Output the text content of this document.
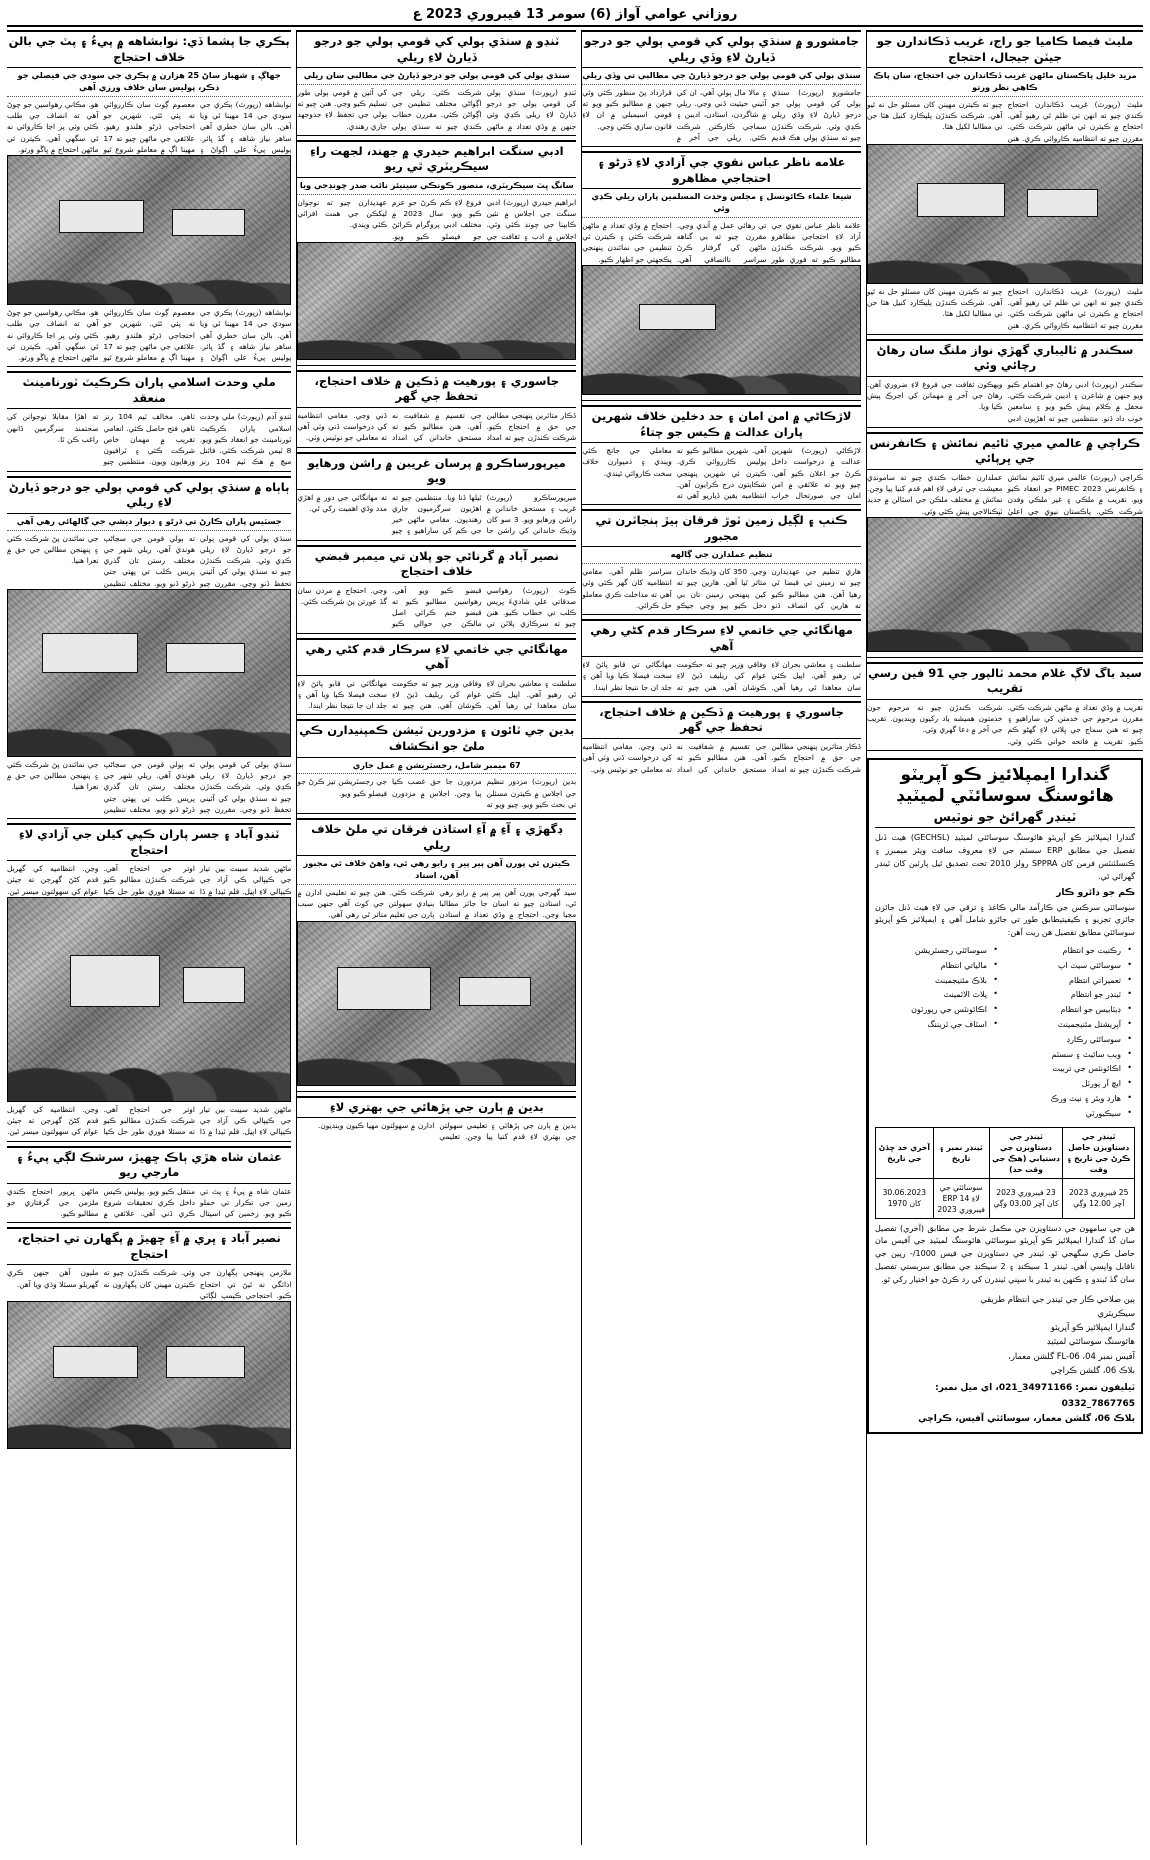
روزاني عوامي آواز (6) سومر 13 فيبروري 2023 ع
ٻڪري جا پشما ڏي: نوابشاهه ۾ پيءُ ۽ پٽ جي بالن خلاف احتجاج
جهاڳ ۽ شهباز ساڻ 25 هزارن ۾ ٻڪري جي سودي جي فيصلي جو ذڪر، پوليس سان خلاف ورزي آهي
نوابشاهه (رپورٽ) ٻڪري جي سودي جي 14 مهينا ٿي ويا آهن. بالن سان خطري آهي ساهر نياز شاهه ۽ گڏ ڀائر. پوليس پيءُ علي اڳواڻ ۽ معصوم ڳوٺ سان ڪارروائي نه پئي ٿئي. شهرين جو احتجاجي ڌرڻو هلندو رهيو. علائقي جي ماڻهن چيو ته 17 مهينا اڳ ۾ معاملو شروع ٿيو هو. مڪاني رهواسين جو چوڻ آهي ته انصاف جي طلب ڪئي وئي پر اڃا ڪاروائي نه ٿي سگهي آهي. ڪيترن ئي ماڻهن احتجاج ۾ ڀاڱو ورتو.
نوابشاهه (رپورٽ) ٻڪري جي سودي جي 14 مهينا ٿي ويا آهن. بالن سان خطري آهي ساهر نياز شاهه ۽ گڏ ڀائر. پوليس پيءُ علي اڳواڻ ۽ معصوم ڳوٺ سان ڪارروائي نه پئي ٿئي. شهرين جو احتجاجي ڌرڻو هلندو رهيو. علائقي جي ماڻهن چيو ته 17 مهينا اڳ ۾ معاملو شروع ٿيو هو. مڪاني رهواسين جو چوڻ آهي ته انصاف جي طلب ڪئي وئي پر اڃا ڪاروائي نه ٿي سگهي آهي. ڪيترن ئي ماڻهن احتجاج ۾ ڀاڱو ورتو.
ملي وحدت اسلامي پاران ڪرڪيٽ ٽورنامينٽ منعقد
ٽنڊو آدم (رپورٽ) ملي وحدت اسلامي پاران ڪرڪيٽ ٽورنامينٽ جو انعقاد ڪيو ويو. 8 ٽيمن شرڪت ڪئي. فائنل ميچ ۾ هڪ ٽيم 104 رنز ٺاهي. مخالف ٽيم 104 رنز ٺاهي فتح حاصل ڪئي. انعامي تقريب ۾ مهمان خاص شرڪت ڪئي ۽ ٽرافيون ورهايون ويون. منتظمين چيو ته اهڙا مقابلا نوجوانن کي صحتمند سرگرمين ڏانهن راغب ڪن ٿا.
ٻاٻاه ۾ سنڌي ٻولي کي قومي ٻولي جو درجو ڏيارڻ لاءِ ريلي
جسٽيس پاران ڪارڻ تي ڌرڻو ۽ ديوار ديشي جي ڳالهائي رهي آهي
سنڌي ٻولي کي قومي ٻولي جو درجو ڏيارڻ لاءِ ريلي ڪڍي وئي. شرڪت ڪندڙن چيو ته سنڌي ٻولي کي آئيني تحفظ ڏنو وڃي. مقررن چيو ته ٻولي قومن جي سڃاڻپ هوندي آهي. ريلي شهر جي مختلف رستن تان گذري پريس ڪلب تي پهتي جتي ڌرڻو ڏنو ويو. مختلف تنظيمن جي نمائندن پڻ شرڪت ڪئي ۽ پنهنجن مطالبن جي حق ۾ نعرا هنيا.
سنڌي ٻولي کي قومي ٻولي جو درجو ڏيارڻ لاءِ ريلي ڪڍي وئي. شرڪت ڪندڙن چيو ته سنڌي ٻولي کي آئيني تحفظ ڏنو وڃي. مقررن چيو ته ٻولي قومن جي سڃاڻپ هوندي آهي. ريلي شهر جي مختلف رستن تان گذري پريس ڪلب تي پهتي جتي ڌرڻو ڏنو ويو. مختلف تنظيمن جي نمائندن پڻ شرڪت ڪئي ۽ پنهنجن مطالبن جي حق ۾ نعرا هنيا.
ٽنڊو آباد ۽ جسر پاران ڪپي کيلن جي آزادي لاءِ احتجاج
ماڻهن شديد سيبت بين تيار جي ڪيپالي ڪي آزاد جي ڪيپالي لاءِ اپيل. قلم ٽيڊا ۾ ڏا اوتر جي احتجاج آهي. شرڪت ڪندڙن مطالبو ڪيو ته مسئلا فوري طور حل ڪيا وڃن. انتظاميه کي گهربل قدم کڻڻ گهرجن ته جيئن عوام کي سهولتون ميسر ٿين.
ماڻهن شديد سيبت بين تيار جي ڪيپالي ڪي آزاد جي ڪيپالي لاءِ اپيل. قلم ٽيڊا ۾ ڏا اوتر جي احتجاج آهي. شرڪت ڪندڙن مطالبو ڪيو ته مسئلا فوري طور حل ڪيا وڃن. انتظاميه کي گهربل قدم کڻڻ گهرجن ته جيئن عوام کي سهولتون ميسر ٿين.
عثمان شاه هڙي ٻاڪ ڇهيڙ، سرشڪ لڳي پيءُ ۽ مارجي ريو
عثمان شاه ۾ پيءُ ۽ پٽ تي زمين جي تڪرار تي حملو ڪيو ويو. زخمين کي اسپتال منتقل ڪيو ويو. پوليس ڪيس داخل ڪري تحقيقات شروع ڪري ڏني آهي. علائقي ۾ ماڻهن ڀرپور احتجاج ڪندي ملزمن جي گرفتاري جو مطالبو ڪيو.
نصير آباد ۽ ڀري ۾ آءِ ڇهيڙ ۾ پگهارن تي احتجاج، احتجاج
ملازمن پنهنجي پگهارن جي ادائگي نه ٿيڻ تي احتجاج ڪيو. احتجاجي ڪيمپ لڳائي وئي. شرڪت ڪندڙن چيو ته ڪيترن مهينن کان پگهارون نه مليون آهن جنهن ڪري گهريلو مسئلا وڌي ويا آهن.
ٽنڊو ۾ سنڌي ٻولي کي قومي ٻولي جو درجو ڏيارڻ لاءِ ريلي
سنڌي ٻولي کي قومي ٻولي جو درجو ڏيارڻ جي مطالبي سان ريلي
ٽنڊو (رپورٽ) سنڌي ٻولي کي قومي ٻولي جو درجو ڏيارڻ لاءِ ريلي ڪڍي وئي جنهن ۾ وڏي تعداد ۾ ماڻهن شرڪت ڪئي. ريلي جي اڳواڻي مختلف تنظيمن جي اڳواڻن ڪئي. مقررن خطاب ڪندي چيو ته سنڌي ٻولي کي آئين ۾ قومي ٻولي طور تسليم ڪيو وڃي. هنن چيو ته ٻولي جي تحفظ لاءِ جدوجهد جاري رهندي.
ادبي سنگت ابراهيم حيدري ۾ جهند، لجهت راءِ سيڪريٽري ٿي ريو
سانگ ڀٽ سيڪريٽري، منصور ڪونڪي سينيئر نائب صدر چونڊجي ويا
ابراهيم حيدري (رپورٽ) ادبي سنگت جي اجلاس ۾ نئين ڪابينا جي چونڊ ڪئي وئي. اجلاس ۾ ادب ۽ ثقافت جي فروغ لاءِ ڪم ڪرڻ جو عزم ڪيو ويو. سال 2023 ۾ مختلف ادبي پروگرام ڪرائڻ جو فيصلو ڪيو ويو. عهديدارن چيو ته نوجوان ليکڪن جي همت افزائي ڪئي ويندي.
جاسوري ۽ پورهيت ۾ ڏڪين ۾ خلاف احتجاج، تحفظ جي گهر
ڏڪار متاثرين پنهنجي مطالبن جي حق ۾ احتجاج ڪيو. شرڪت ڪندڙن چيو ته امداد جي تقسيم ۾ شفافيت نه آهي. هنن مطالبو ڪيو ته مستحق خاندانن کي امداد ڏني وڃي. مقامي انتظاميه کي درخواست ڏني وئي آهي ته معاملي جو نوٽيس وٺي.
ميرپورساڪرو ۾ پرسان غريبن ۾ راشن ورهايو ويو
ميرپورساڪرو (رپورٽ) غريب ۽ مستحق خاندانن ۾ راشن ورهايو ويو. 3 سو کان وڌيڪ خاندانن کي راشن جا ٿيلها ڏنا ويا. منتظمين چيو ته اهڙيون سرگرميون جاري رهنديون. مقامي ماڻهن خير جي ڪم کي ساراهيو ۽ چيو ته مهانگائي جي دور ۾ اهڙي مدد وڏي اهميت رکي ٿي.
نصير آباد ۾ گرنائي جو پلان تي ميمبر قبضي خلاف احتجاج
ڪوٽ (رپورٽ) رهواسي صدقاتي علي شاديءَ پريس ڪلب تي خطاب ڪيو. هنن چيو ته سرڪاري پلاٽن تي قبضو ڪيو ويو آهي. رهواسين مطالبو ڪيو ته قبضو ختم ڪرائي اصل مالڪن جي حوالي ڪيو وڃي. احتجاج ۾ مردن سان گڏ عورتن پڻ شرڪت ڪئي.
مهانگائي جي خاتمي لاءِ سرڪار قدم کڻي رهي آهي
سلطنت ۽ معاشي بحران لاءِ ٿي رهيو آهي. اپيل ڪئي سان معاهدا ٿي رهيا آهن. وفاقي وزير چيو ته حڪومت عوام کي ريليف ڏيڻ لاءِ ڪوشان آهي. هنن چيو ته مهانگائي تي قابو پائڻ لاءِ سخت فيصلا ڪيا ويا آهن ۽ جلد ان جا نتيجا نظر ايندا.
بدين جي ٽائون ۽ مزدورين ٽيشن ڪمپنيدارن ڪي ملئ جو انڪشاف
67 ميمبر شامل، رجسٽريشن ۾ عمل جاري
بدين (رپورٽ) مزدور تنظيم جي اجلاس ۾ ڪيترن مسئلن تي بحث ڪيو ويو. چيو ويو ته مزدورن جا حق غصب ڪيا پيا وڃن. اجلاس ۾ مزدورن جي رجسٽريشن تيز ڪرڻ جو فيصلو ڪيو ويو.
ڊگهڙي ۽ آءِ ۾ آءِ استاذن فرقان تي ملڻ خلاف ريلي
ڪيترن ئي پورن آهن پير پير ۽ رايو رهي ٿي، واهڻ خلاف ٿي مجبور آهن، استاد
سيد گهرجي پورن آهن پير پير ۾ رايو رهي ٿي، استادن چيو ته اسان جا جائز مطالبا مڃيا وڃن. احتجاج ۾ وڏي تعداد ۾ استادن شرڪت ڪئي. هنن چيو ته تعليمي ادارن ۾ بنيادي سهولتن جي کوٽ آهي جنهن سبب ٻارن جي تعليم متاثر ٿي رهي آهي.
بدين ۾ ٻارن جي پڙهائي جي بهتري لاءِ
بدين ۾ ٻارن جي پڙهائي ۽ تعليمي سهولتن جي بهتري لاءِ قدم کنيا پيا وڃن. تعليمي ادارن ۾ سهولتون مهيا ڪيون وينديون.
جامشورو ۾ سنڌي ٻولي کي قومي ٻولي جو درجو ڏيارڻ لاءِ وڏي ريلي
سنڌي ٻولي کي قومي ٻولي جو درجو ڏيارڻ جي مطالبي تي وڏي ريلي
جامشورو (رپورٽ) سنڌي ٻولي کي قومي ٻولي جو درجو ڏيارڻ لاءِ وڏي ريلي ڪڍي وئي. شرڪت ڪندڙن چيو ته سنڌي ٻولي هڪ قديم ۽ مالا مال ٻولي آهي، ان کي آئيني حيثيت ڏني وڃي. ريلي ۾ شاگردن، استادن، اديبن ۽ سماجي ڪارڪنن شرڪت ڪئي. ريلي جي آخر ۾ قرارداد پڻ منظور ڪئي وئي جنهن ۾ مطالبو ڪيو ويو ته قومي اسيمبلي ۾ ان لاءِ قانون سازي ڪئي وڃي.
علامه ناظر عباس نقوي جي آزادي لاءِ ڌرڻو ۽ احتجاجي مظاهرو
شيعا علماء ڪائونسل ۽ مجلس وحدت المسلمين پاران ريلي ڪڍي وئي
علامه ناظر عباس نقوي جي آزاد لاءِ احتجاجي مظاهرو ڪيو ويو. شرڪت ڪندڙن مطالبو ڪيو ته فوري طور تي رهائي عمل ۾ آندي وڃي. مقررن چيو ته بي گناهه ماڻهن کي گرفتار ڪرڻ سراسر ناانصافي آهي. احتجاج ۾ وڏي تعداد ۾ ماڻهن شرڪت ڪئي ۽ ڪيترن ئي تنظيمن جي نمائندن پنهنجي يڪجهتي جو اظهار ڪيو.
لاڙڪاڻي ۾ امن امان ۽ حد دخلين خلاف شهرين پاران عدالت ۾ ڪيس جو چتاءُ
لاڙڪاڻي (رپورٽ) شهرين عدالت ۾ درخواست داخل ڪرڻ جو اعلان ڪيو آهي. چيو ويو ته علائقي ۾ امن امان جي صورتحال خراب آهي. شهرين مطالبو ڪيو ته پوليس ڪارروائي ڪري. ڪيترن ئي شهرين پنهنجي شڪايتون درج ڪرايون آهن. انتظاميه يقين ڏياريو آهي ته معاملي جي جانچ ڪئي ويندي ۽ ذميوارن خلاف سخت ڪاروائي ٿيندي.
ڪنٻ ۽ لڳيل زمين ٽوڙ فرقان ٻيڙ ٻنجاٽرن تي مجبور
تنظيم عملدارن جي ڳالهه
هاري تنظيم جي عهديدارن چيو ته زمينن تي قبضا ٿي رهيا آهن. هنن مطالبو ڪيو ته هارين کي انصاف ڏنو وڃي. 350 کان وڌيڪ خاندان متاثر ٿيا آهن. هارين چيو ته کين پنهنجي زمينن تان بي دخل ڪيو پيو وڃي جيڪو سراسر ظلم آهي. مقامي انتظاميه کان گهر ڪئي وئي آهي ته مداخلت ڪري معاملو حل ڪرائي.
مهانگائي جي خاتمي لاءِ سرڪار قدم کڻي رهي آهي
سلطنت ۽ معاشي بحران لاءِ ٿي رهيو آهي. اپيل ڪئي سان معاهدا ٿي رهيا آهن. وفاقي وزير چيو ته حڪومت عوام کي ريليف ڏيڻ لاءِ ڪوشان آهي. هنن چيو ته مهانگائي تي قابو پائڻ لاءِ سخت فيصلا ڪيا ويا آهن ۽ جلد ان جا نتيجا نظر ايندا.
جاسوري ۽ پورهيت ۾ ڏڪين ۾ خلاف احتجاج، تحفظ جي گهر
ڏڪار متاثرين پنهنجي مطالبن جي حق ۾ احتجاج ڪيو. شرڪت ڪندڙن چيو ته امداد جي تقسيم ۾ شفافيت نه آهي. هنن مطالبو ڪيو ته مستحق خاندانن کي امداد ڏني وڃي. مقامي انتظاميه کي درخواست ڏني وئي آهي ته معاملي جو نوٽيس وٺي.
مليٽ فيصا ڪاميا جو راج، غريب ڏڪاندارن جو جيٽن جيجال، احتجاج
مريد خليل پاڪستان ماڻهن غريب ڏڪاندارن جي احتجاج، سان پاڪ ڪاهي نظر ورتو
مليٽ (رپورٽ) غريب ڏڪاندارن احتجاج ڪندي چيو ته انهن تي ظلم ٿي رهيو آهي. احتجاج ۾ ڪيترن ئي ماڻهن شرڪت ڪئي. مقررن چيو ته انتظاميه ڪاروائي ڪري. هنن چيو ته ڪيترن مهينن کان مسئلو حل نه ٿيو آهي. شرڪت ڪندڙن پليڪارڊ کنيل هئا جن تي مطالبا لکيل هئا.
مليٽ (رپورٽ) غريب ڏڪاندارن احتجاج ڪندي چيو ته انهن تي ظلم ٿي رهيو آهي. احتجاج ۾ ڪيترن ئي ماڻهن شرڪت ڪئي. مقررن چيو ته انتظاميه ڪاروائي ڪري. هنن چيو ته ڪيترن مهينن کان مسئلو حل نه ٿيو آهي. شرڪت ڪندڙن پليڪارڊ کنيل هئا جن تي مطالبا لکيل هئا.
سڪندر ۾ ٽاليباري گهڙي نواز ملنگ سان رهاڻ رچائي وئي
سڪندر (رپورٽ) ادبي رهاڻ جو اهتمام ڪيو ويو جنهن ۾ شاعرن ۽ اديبن شرڪت ڪئي. محفل ۾ ڪلام پيش ڪيو ويو ۽ سامعين خوب داد ڏنو. منتظمين چيو ته اهڙيون ادبي ويهڪون ثقافت جي فروغ لاءِ ضروري آهن. رهاڻ جي آخر ۾ مهمانن کي اجرڪ پيش ڪيا ويا.
ڪراچي ۾ عالمي ميري ٽائيم نمائش ۽ ڪانفرنس جي ڀرپائي
ڪراچي (رپورٽ) عالمي ميري ٽائيم نمائش ۽ ڪانفرنس PIMEC 2023 جو انعقاد ڪيو ويو. تقريب ۾ ملڪي ۽ غير ملڪي وفدن شرڪت ڪئي. پاڪستان نيوي جي اعليٰ عملدارن خطاب ڪندي چيو ته سامونڊي معيشت جي ترقي لاءِ اهم قدم کنيا پيا وڃن. نمائش ۾ مختلف ملڪن جي اسٽالن ۾ جديد ٽيڪنالاجي پيش ڪئي وئي.
سيد باگ لاڳ غلام محمد ٽالپور جي 91 فين رسي تقريب
تقريب ۾ وڏي تعداد ۾ ماڻهن شرڪت ڪئي. مقررن مرحوم جي خدمتن کي ساراهيو ۽ چيو ته هنن سماج جي ڀلائي لاءِ گهڻو ڪم ڪيو. تقريب ۾ فاتحه خواني ڪئي وئي. شرڪت ڪندڙن چيو ته مرحوم جون خدمتون هميشه ياد رکيون وينديون. تقريب جي آخر ۾ دعا گهري وئي.
گندارا ايمپلائيز ڪو آپريٽو هائوسنگ سوسائٽي لميٽيڊ
ٽينڊر گهرائڻ جو نوٽيس
گندارا ايمپلائيز ڪو آپريٽو هائوسنگ سوسائٽي لميٽيڊ (GECHSL) هيٺ ڏنل تفصيل جي مطابق ERP سسٽم جي لاءِ معروف سافٽ ويئر ميمبرز ۽ ڪنسلٽنٽس فرمن کان SPPRA رولز 2010 تحت تصديق ٿيل پارٽين کان ٽينڊر گهرائي ٿي.
ڪم جو دائرو ڪار
سوسائٽي سرڪس جي ڪارآمد مالي ڪاغذ ۽ ترقي جي لاءِ هيٺ ڏنل جائزن جائزي تجزيو ۽ ڪيفيتيطابق طور تي جائزو شامل آهي ۽ ايمپلائيز ڪو آپريٽو سوسائٽي مطابق تفصيل هن ريت آهن:
• سوسائٽي رجسٽريشن
• مالياتي انتظام
• بلاڪ مئنيجمينٽ
• پلاٽ الاٽمينٽ
• اڪائونٽس جي رپورٽون
• اسٽاف جي ٽريننگ
• رڪنيت جو انتظام
• سوسائٽي سيٽ اپ
• تعميراتي انتظام
• ٽينڊر جو انتظام
• ڊيٽابيس جو انتظام
• آپريشنل مئنيجمينٽ
• سوسائٽي رڪارڊ
• ويب سائيٽ ۽ سسٽم
• اڪائونٽس جي تربيت
• ايڇ آر پورٽل
• هارڊ ويئر ۽ نيٽ ورڪ
• سيڪيورٽي
ٽينڊر جي دستاويزن حاصل ڪرڻ جي تاريخ ۽ وقت	ٽينڊر جي دستاويزن جي دستيابي (هڪ جي وقت حد)	ٽينڊر نمبر ۽ تاريخ	آخري حد ڇڏڻ جي تاريخ
25 فيبروري 2023 آچر 12.00 وڳي	23 فيبروري 2023 کان آچر 03.00 وڳي	سوسائٽي جي لاءِ ERP 14 فيبروري 2023	30.06.2023 کان 1970
هن جي سامهون جي دستاويزن جي مڪمل شرط جي مطابق (آخري) تفصيل سان گڏ گندارا ايمپلائيز ڪو آپريٽو سوسائٽي هائوسنگ لميٽيڊ جي آفيس مان حاصل ڪري سگهجي ٿو. ٽينڊر جي دستاويزن جي فيس 1000/- رپين جي ناقابل واپسي آهي. ٽينڊر 1 سيڪنڊ ۽ 2 سيڪنڊ جي مطابق سربستي تفصيل سان گڏ ٿيندو ۽ ڪنهن به ٽينڊر يا سڀني ٽينڊرن کي رد ڪرڻ جو اختيار رکي ٿو.
ٻين صلاحي ڪار جي ٽينڊر جي انتظام طريقي
سيڪريٽري
گندارا ايمپلائيز ڪو آپريٽو
هائوسنگ سوسائٽي لميٽيڊ
آفيس نمبر 04، FL-06 گلشن معمار،
بلاڪ 06، گلشن ڪراچي
ٽيليفون نمبر: 34971166_021، اي ميل نمبر: 7867765_0332
بلاڪ 06، گلشن معمار، سوسائٽي آفيس، ڪراچي
